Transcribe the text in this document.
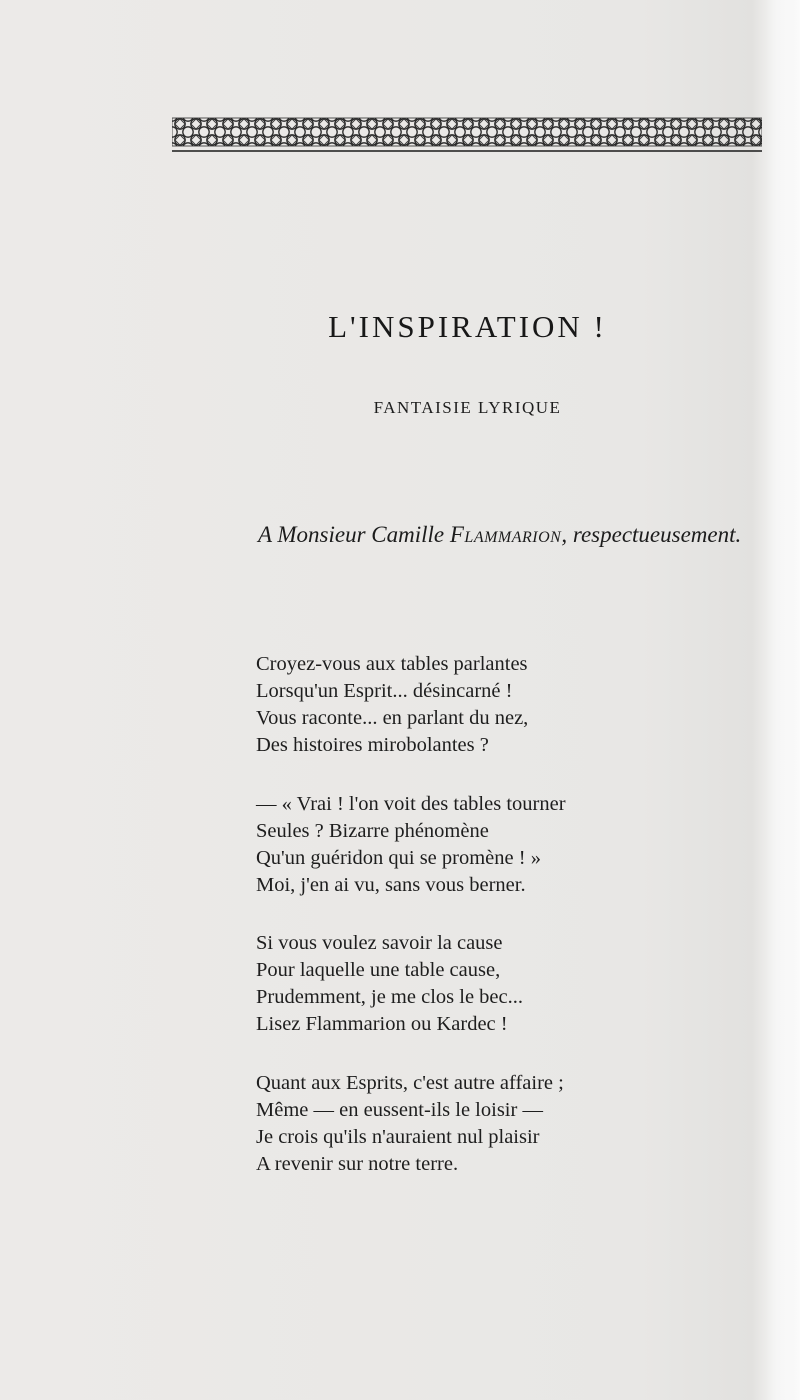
L'INSPIRATION !
FANTAISIE LYRIQUE
A Monsieur Camille Flammarion, respectueusement.
Croyez-vous aux tables parlantes
Lorsqu'un Esprit... désincarné !
Vous raconte... en parlant du nez,
Des histoires mirobolantes ?
— « Vrai ! l'on voit des tables tourner
Seules ? Bizarre phénomène
Qu'un guéridon qui se promène ! »
Moi, j'en ai vu, sans vous berner.
Si vous voulez savoir la cause
Pour laquelle une table cause,
Prudemment, je me clos le bec...
Lisez Flammarion ou Kardec !
Quant aux Esprits, c'est autre affaire ;
Même — en eussent-ils le loisir —
Je crois qu'ils n'auraient nul plaisir
A revenir sur notre terre.
